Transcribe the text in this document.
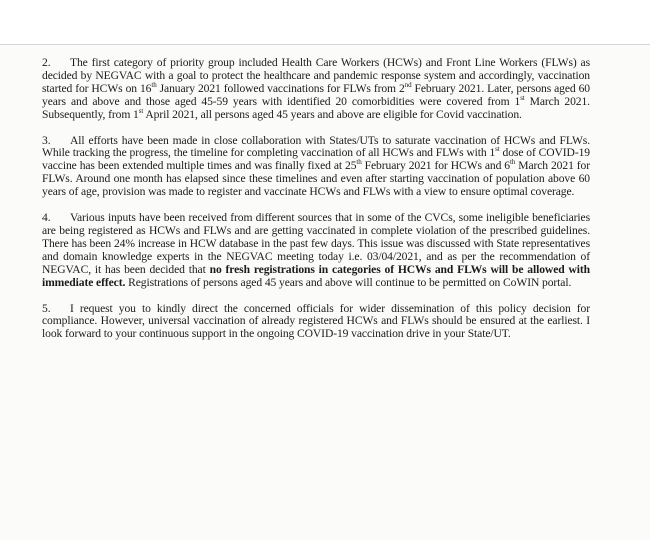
2. The first category of priority group included Health Care Workers (HCWs) and Front Line Workers (FLWs) as decided by NEGVAC with a goal to protect the healthcare and pandemic response system and accordingly, vaccination started for HCWs on 16th January 2021 followed vaccinations for FLWs from 2nd February 2021. Later, persons aged 60 years and above and those aged 45-59 years with identified 20 comorbidities were covered from 1st March 2021. Subsequently, from 1st April 2021, all persons aged 45 years and above are eligible for Covid vaccination.

3. All efforts have been made in close collaboration with States/UTs to saturate vaccination of HCWs and FLWs. While tracking the progress, the timeline for completing vaccination of all HCWs and FLWs with 1st dose of COVID-19 vaccine has been extended multiple times and was finally fixed at 25th February 2021 for HCWs and 6th March 2021 for FLWs. Around one month has elapsed since these timelines and even after starting vaccination of population above 60 years of age, provision was made to register and vaccinate HCWs and FLWs with a view to ensure optimal coverage.

4. Various inputs have been received from different sources that in some of the CVCs, some ineligible beneficiaries are being registered as HCWs and FLWs and are getting vaccinated in complete violation of the prescribed guidelines. There has been 24% increase in HCW database in the past few days. This issue was discussed with State representatives and domain knowledge experts in the NEGVAC meeting today i.e. 03/04/2021, and as per the recommendation of NEGVAC, it has been decided that no fresh registrations in categories of HCWs and FLWs will be allowed with immediate effect. Registrations of persons aged 45 years and above will continue to be permitted on CoWIN portal.

5. I request you to kindly direct the concerned officials for wider dissemination of this policy decision for compliance. However, universal vaccination of already registered HCWs and FLWs should be ensured at the earliest. I look forward to your continuous support in the ongoing COVID-19 vaccination drive in your State/UT.
